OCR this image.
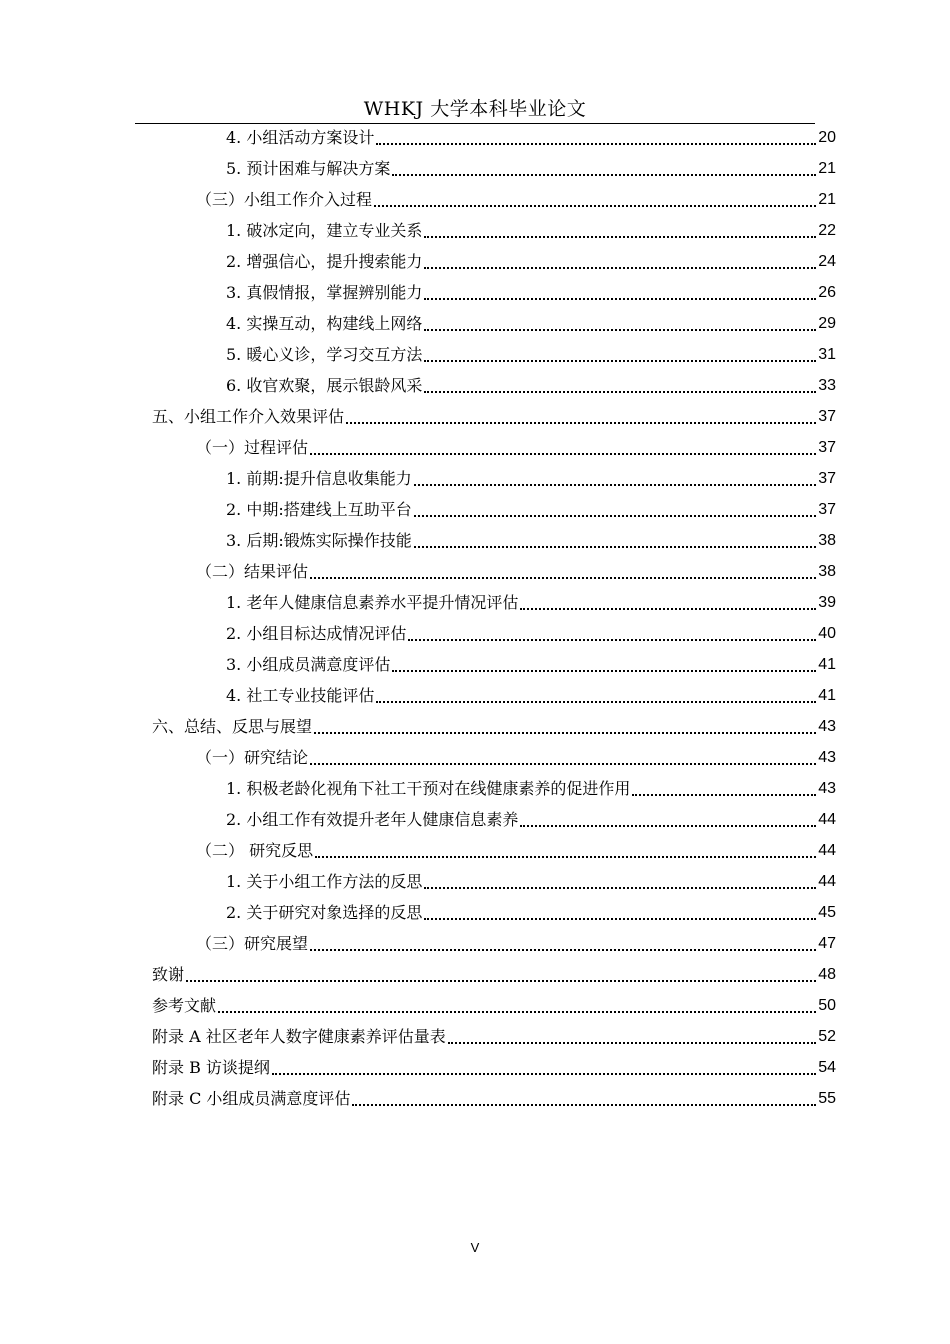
WHKJ 大学本科毕业论文
4. 小组活动方案设计	20
5. 预计困难与解决方案	21
（三）小组工作介入过程	21
1. 破冰定向，建立专业关系	22
2. 增强信心，提升搜索能力	24
3. 真假情报，掌握辨别能力	26
4. 实操互动，构建线上网络	29
5. 暖心义诊，学习交互方法	31
6. 收官欢聚，展示银龄风采	33
五、小组工作介入效果评估	37
（一）过程评估	37
1. 前期:提升信息收集能力	37
2. 中期:搭建线上互助平台	37
3. 后期:锻炼实际操作技能	38
（二）结果评估	38
1. 老年人健康信息素养水平提升情况评估	39
2. 小组目标达成情况评估	40
3. 小组成员满意度评估	41
4. 社工专业技能评估	41
六、总结、反思与展望	43
（一）研究结论	43
1. 积极老龄化视角下社工干预对在线健康素养的促进作用	43
2. 小组工作有效提升老年人健康信息素养	44
（二） 研究反思	44
1. 关于小组工作方法的反思	44
2. 关于研究对象选择的反思	45
（三）研究展望	47
致谢	48
参考文献	50
附录 A 社区老年人数字健康素养评估量表	52
附录 B 访谈提纲	54
附录 C 小组成员满意度评估	55
V
